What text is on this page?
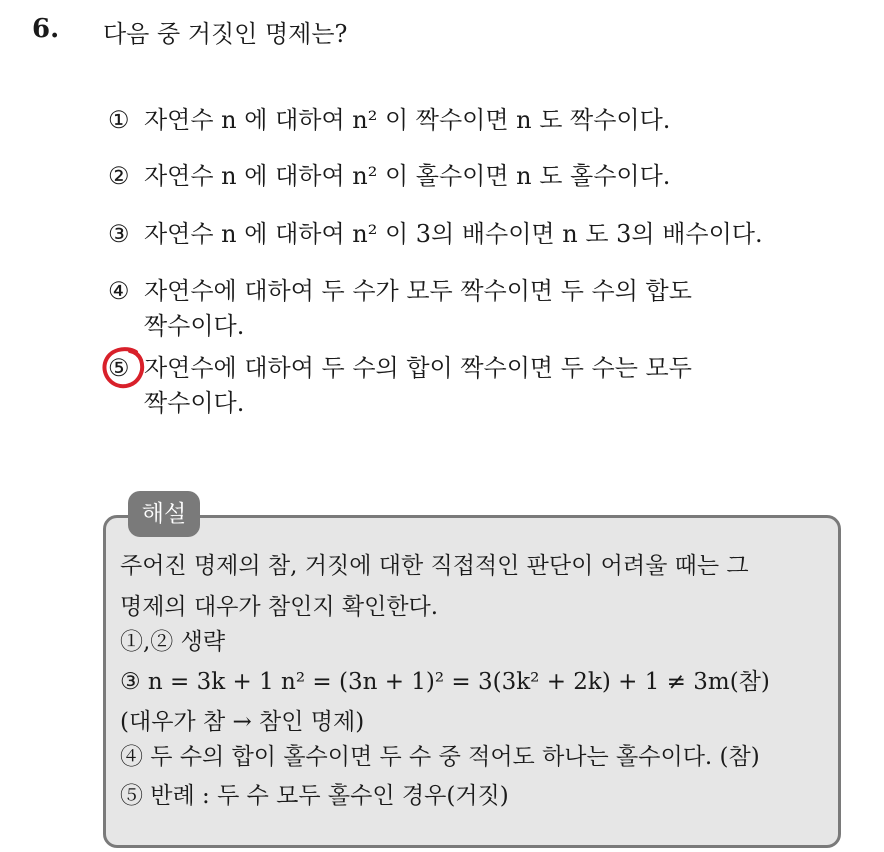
6. 다음 중 거짓인 명제는?
① 자연수 n 에 대하여 n² 이 짝수이면 n 도 짝수이다.
② 자연수 n 에 대하여 n² 이 홀수이면 n 도 홀수이다.
③ 자연수 n 에 대하여 n² 이 3의 배수이면 n 도 3의 배수이다.
④ 자연수에 대하여 두 수가 모두 짝수이면 두 수의 합도
짝수이다.
⑤ 자연수에 대하여 두 수의 합이 짝수이면 두 수는 모두
짝수이다.
해설
주어진 명제의 참, 거짓에 대한 직접적인 판단이 어려울 때는 그
명제의 대우가 참인지 확인한다.
①,② 생략
③ n = 3k + 1 n² = (3n + 1)² = 3(3k² + 2k) + 1 ≠ 3m(참)
(대우가 참 → 참인 명제)
④ 두 수의 합이 홀수이면 두 수 중 적어도 하나는 홀수이다. (참)
⑤ 반례 : 두 수 모두 홀수인 경우(거짓)
